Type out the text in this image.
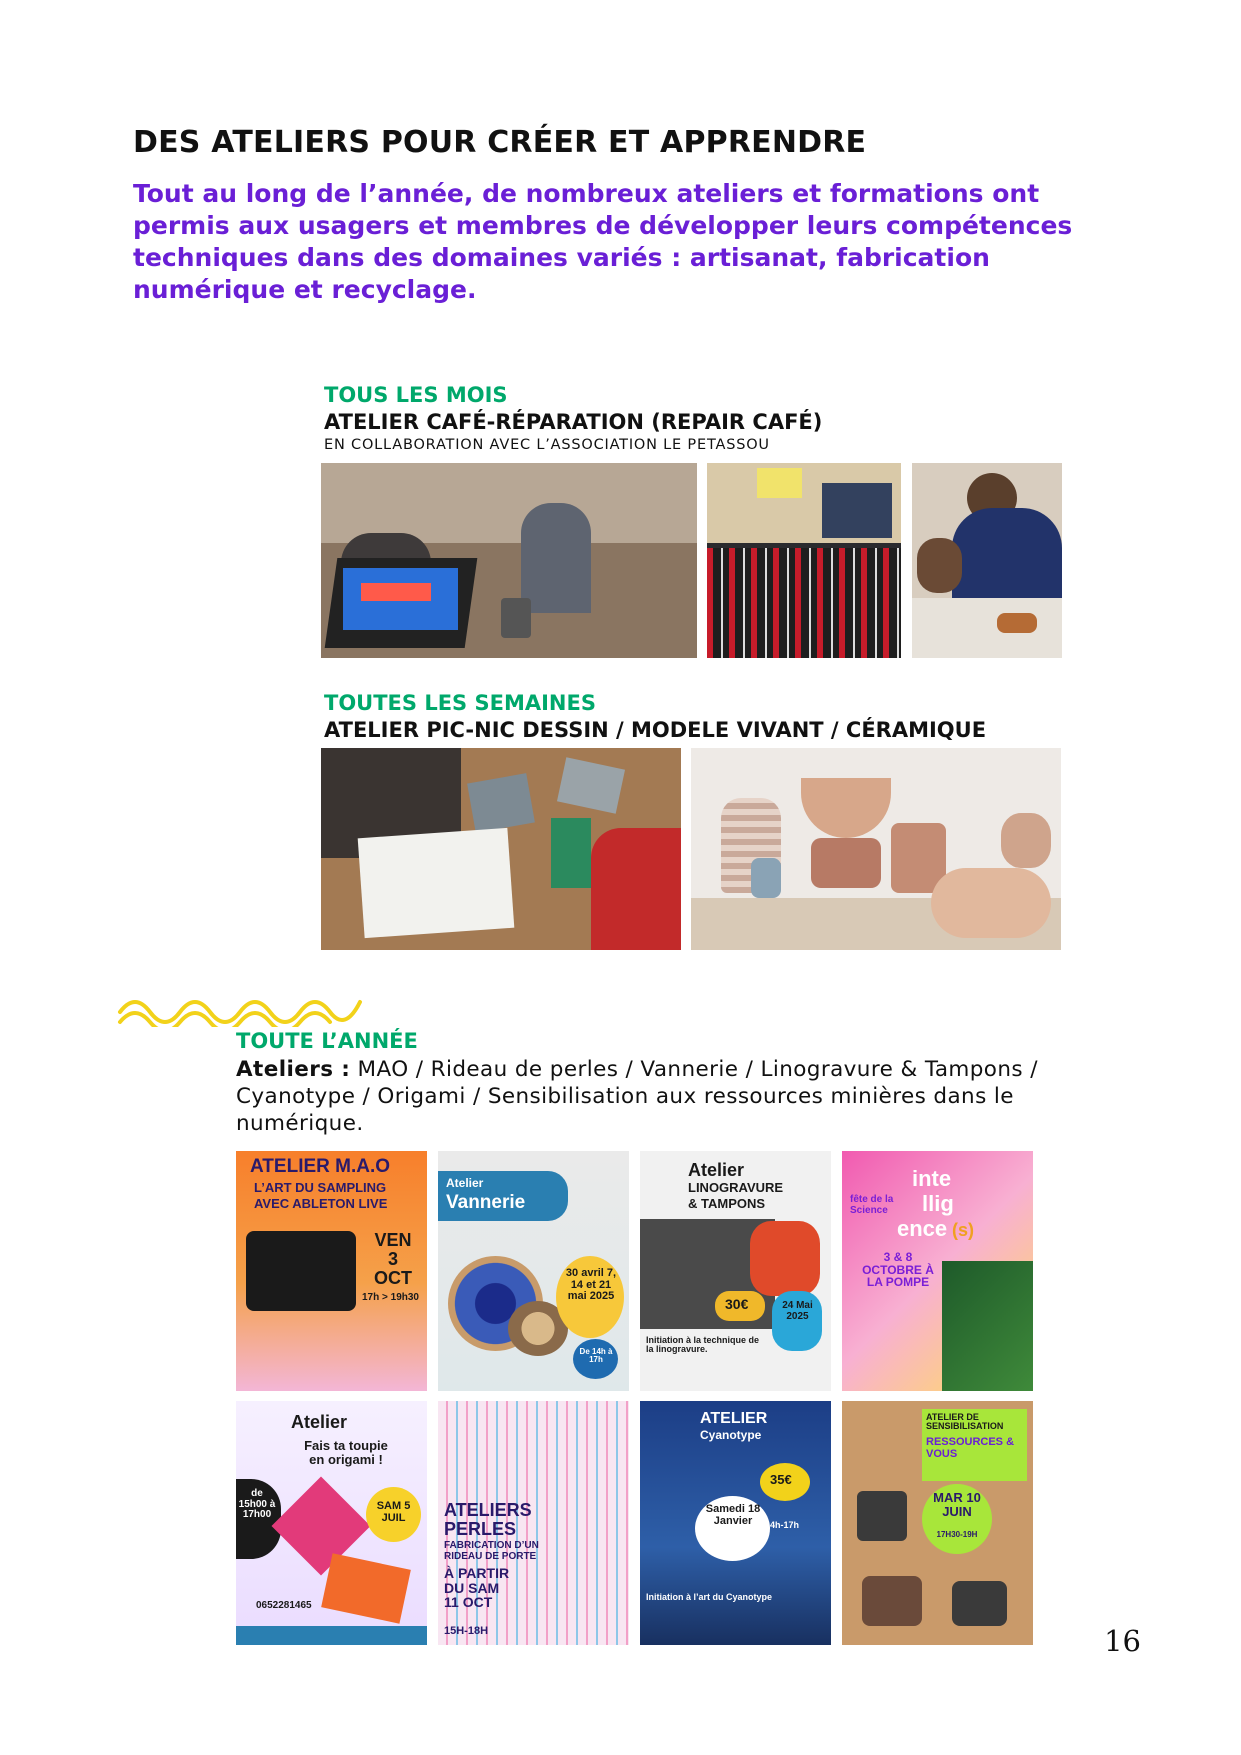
DES ATELIERS POUR CRÉER ET APPRENDRE
Tout au long de l’année, de nombreux ateliers et formations ont permis aux usagers et membres de développer leurs compétences techniques dans des domaines variés : artisanat, fabrication numérique et recyclage.
TOUS LES MOIS
ATELIER CAFÉ-RÉPARATION (REPAIR CAFÉ)
EN COLLABORATION AVEC L’ASSOCIATION LE PETASSOU
TOUTES LES SEMAINES
ATELIER PIC-NIC DESSIN / MODELE VIVANT / CÉRAMIQUE
TOUTE L’ANNÉE
Ateliers : MAO / Rideau de perles / Vannerie / Linogravure & Tampons / Cyanotype / Origami / Sensibilisation aux ressources minières dans le numérique.
ATELIER M.A.O
L’ART DU SAMPLING
AVEC ABLETON LIVE
VEN 3 OCT
17h > 19h30
Atelier
Vannerie
30 avril 7, 14 et 21 mai 2025
De 14h à 17h
Atelier
LINOGRAVURE
& TAMPONS
30€	24 Mai 2025
Initiation à la technique de la linogravure.
inte
fête de la Science	llig
ence (s)
3 & 8 OCTOBRE À LA POMPE
Atelier
Fais ta toupie en origami !
de 15h00 à 17h00
SAM 5 JUIL
0652281465
ATELIERS PERLES
FABRICATION D’UN RIDEAU DE PORTE
À PARTIR DU SAM 11 OCT
15H-18H
ATELIER
Cyanotype
35€
Samedi 18 Janvier	14h-17h
Initiation à l’art du Cyanotype
ATELIER DE SENSIBILISATION
RESSOURCES & VOUS
MAR 10 JUIN
17H30-19H
16
